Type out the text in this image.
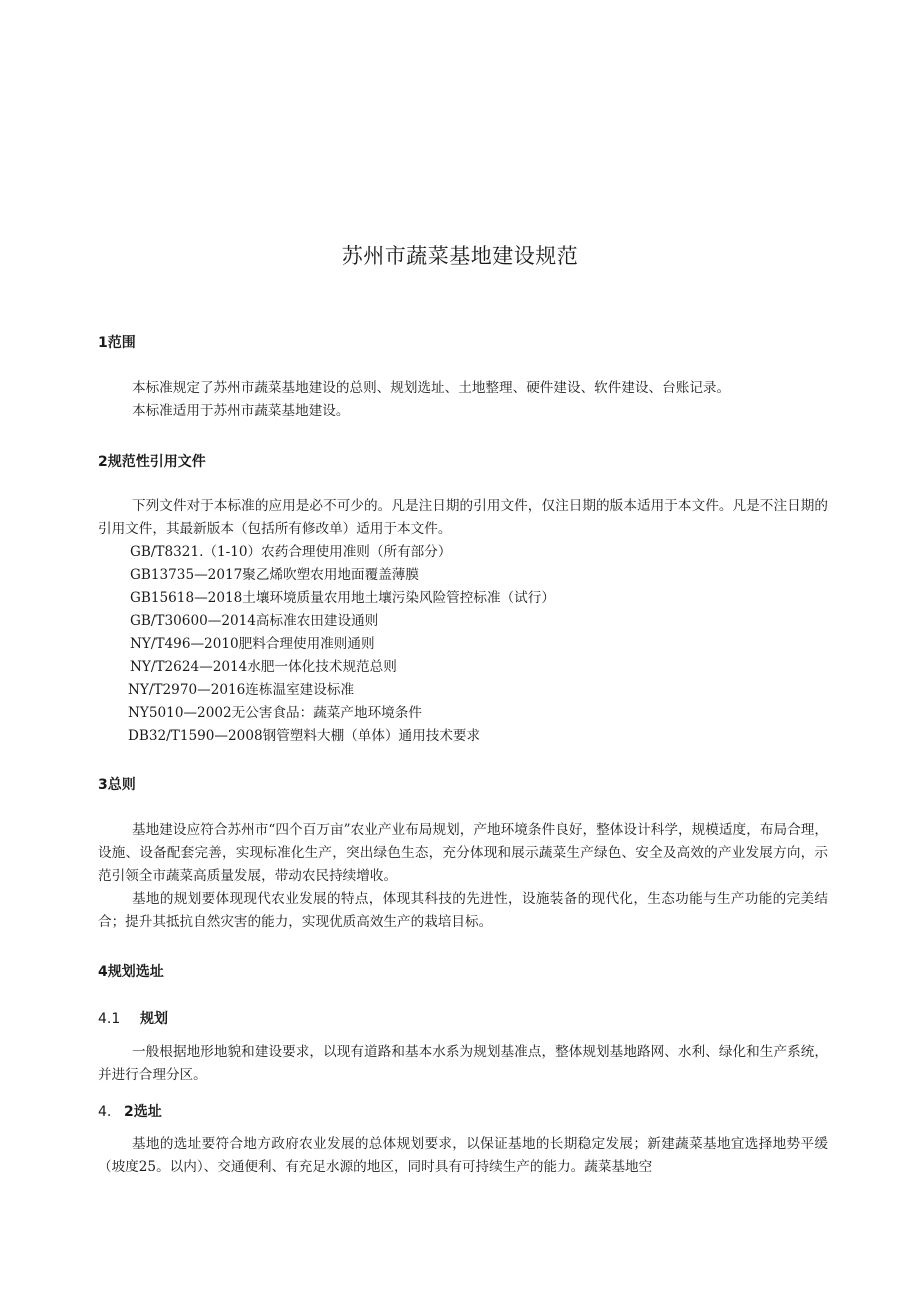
苏州市蔬菜基地建设规范
1范围

本标准规定了苏州市蔬菜基地建设的总则、规划选址、土地整理、硬件建设、软件建设、台账记录。

本标准适用于苏州市蔬菜基地建设。

2规范性引用文件

下列文件对于本标准的应用是必不可少的。凡是注日期的引用文件，仅注日期的版本适用于本文件。凡是不注日期的引用文件，其最新版本（包括所有修改单）适用于本文件。

GB/T8321.（1-10）农药合理使用准则（所有部分）
GB13735—2017聚乙烯吹塑农用地面覆盖薄膜
GB15618—2018土壤环境质量农用地土壤污染风险管控标准（试行）
GB/T30600—2014高标准农田建设通则
NY/T496—2010肥料合理使用准则通则
NY/T2624—2014水肥一体化技术规范总则
NY/T2970—2016连栋温室建设标准
NY5010—2002无公害食品：蔬菜产地环境条件
DB32/T1590—2008钢管塑料大棚（单体）通用技术要求
3总则

基地建设应符合苏州市“四个百万亩”农业产业布局规划，产地环境条件良好，整体设计科学，规模适度，布局合理，设施、设备配套完善，实现标准化生产，突出绿色生态，充分体现和展示蔬菜生产绿色、安全及高效的产业发展方向，示范引领全市蔬菜高质量发展，带动农民持续增收。

基地的规划要体现现代农业发展的特点，体现其科技的先进性，设施装备的现代化，生态功能与生产功能的完美结合；提升其抵抗自然灾害的能力，实现优质高效生产的栽培目标。

4规划选址
4.1 规划

一般根据地形地貌和建设要求，以现有道路和基本水系为规划基准点，整体规划基地路网、水利、绿化和生产系统，并进行合理分区。

4. 2选址

基地的选址要符合地方政府农业发展的总体规划要求，以保证基地的长期稳定发展；新建蔬菜基地宜选择地势平缓（坡度25。以内）、交通便利、有充足水源的地区，同时具有可持续生产的能力。蔬菜基地空
